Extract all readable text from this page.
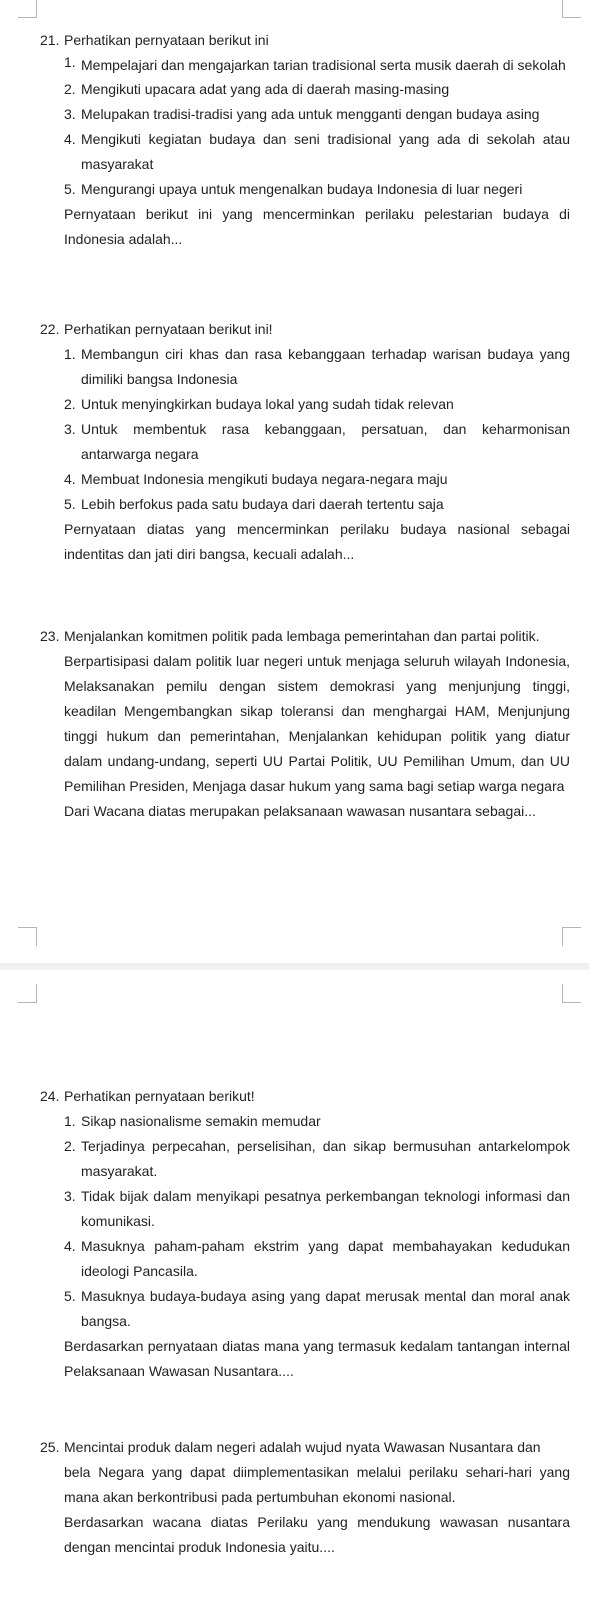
21. Perhatikan pernyataan berikut ini
1. Mempelajari dan mengajarkan tarian tradisional serta musik daerah di sekolah
2. Mengikuti upacara adat yang ada di daerah masing-masing
3. Melupakan tradisi-tradisi yang ada untuk mengganti dengan budaya asing
4. Mengikuti kegiatan budaya dan seni tradisional yang ada di sekolah atau masyarakat
5. Mengurangi upaya untuk mengenalkan budaya Indonesia di luar negeri

Pernyataan berikut ini yang mencerminkan perilaku pelestarian budaya di Indonesia adalah...

22. Perhatikan pernyataan berikut ini!
1. Membangun ciri khas dan rasa kebanggaan terhadap warisan budaya yang dimiliki bangsa Indonesia
2. Untuk menyingkirkan budaya lokal yang sudah tidak relevan
3. Untuk membentuk rasa kebanggaan, persatuan, dan keharmonisan antarwarga negara
4. Membuat Indonesia mengikuti budaya negara-negara maju
5. Lebih berfokus pada satu budaya dari daerah tertentu saja

Pernyataan diatas yang mencerminkan perilaku budaya nasional sebagai indentitas dan jati diri bangsa, kecuali adalah...

23. Menjalankan komitmen politik pada lembaga pemerintahan dan partai politik.

Berpartisipasi dalam politik luar negeri untuk menjaga seluruh wilayah Indonesia, Melaksanakan pemilu dengan sistem demokrasi yang menjunjung tinggi, keadilan Mengembangkan sikap toleransi dan menghargai HAM, Menjunjung tinggi hukum dan pemerintahan, Menjalankan kehidupan politik yang diatur dalam undang-undang, seperti UU Partai Politik, UU Pemilihan Umum, dan UU Pemilihan Presiden, Menjaga dasar hukum yang sama bagi setiap warga negara

Dari Wacana diatas merupakan pelaksanaan wawasan nusantara sebagai...

24. Perhatikan pernyataan berikut!
1. Sikap nasionalisme semakin memudar
2. Terjadinya perpecahan, perselisihan, dan sikap bermusuhan antarkelompok masyarakat.
3. Tidak bijak dalam menyikapi pesatnya perkembangan teknologi informasi dan komunikasi.
4. Masuknya paham-paham ekstrim yang dapat membahayakan kedudukan ideologi Pancasila.
5. Masuknya budaya-budaya asing yang dapat merusak mental dan moral anak bangsa.

Berdasarkan pernyataan diatas mana yang termasuk kedalam tantangan internal Pelaksanaan Wawasan Nusantara....

25. Mencintai produk dalam negeri adalah wujud nyata Wawasan Nusantara dan

bela Negara yang dapat diimplementasikan melalui perilaku sehari-hari yang mana akan berkontribusi pada pertumbuhan ekonomi nasional.

Berdasarkan wacana diatas Perilaku yang mendukung wawasan nusantara dengan mencintai produk Indonesia yaitu....
